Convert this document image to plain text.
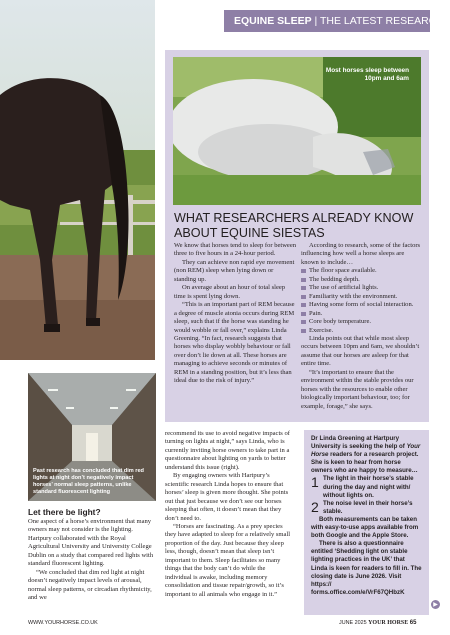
EQUINE SLEEP | THE LATEST RESEARCH
Most horses sleep between 10pm and 6am
WHAT RESEARCHERS ALREADY KNOW ABOUT EQUINE SIESTAS

We know that horses tend to sleep for between three to five hours in a 24-hour period.

They can achieve non rapid eye movement (non REM) sleep when lying down or standing up.

On average about an hour of total sleep time is spent lying down.

“This is an important part of REM because a degree of muscle atonia occurs during REM sleep, such that if the horse was standing he would wobble or fall over,” explains Linda Greening. “In fact, research suggests that horses who display wobbly behaviour or fall over don’t lie down at all. These horses are managing to achieve seconds or minutes of REM in a standing position, but it’s less than ideal due to the risk of injury.”

According to research, some of the factors influencing how well a horse sleeps are known to include…

The floor space available.
The bedding depth.
The use of artificial lights.
Familiarity with the environment.
Having some form of social interaction.
Pain.
Core body temperature.
Exercise.

Linda points out that while most sleep occurs between 10pm and 6am, we shouldn’t assume that our horses are asleep for that entire time.

“It’s important to ensure that the environment within the stable provides our horses with the resources to enable other biologically important behaviour, too; for example, forage,” she says.

Past research has concluded that dim red lights at night don’t negatively impact horses’ normal sleep patterns, unlike standard fluorescent lighting
Let there be light?

One aspect of a horse’s environment that many owners may not consider is the lighting. Hartpury collaborated with the Royal Agricultural University and University College Dublin on a study that compared red lights with standard fluorescent lighting.

“We concluded that dim red light at night doesn’t negatively impact levels of arousal, normal sleep patterns, or circadian rhythmicity, and we

recommend its use to avoid negative impacts of turning on lights at night,” says Linda, who is currently inviting horse owners to take part in a questionnaire about lighting on yards to better understand this issue (right).

By engaging owners with Hartpury’s scientific research Linda hopes to ensure that horses’ sleep is given more thought. She points out that just because we don’t see our horses sleeping that often, it doesn’t mean that they don’t need to.

“Horses are fascinating. As a prey species they have adapted to sleep for a relatively small proportion of the day. Just because they sleep less, though, doesn’t mean that sleep isn’t important to them. Sleep facilitates so many things that the body can’t do while the individual is awake, including memory consolidation and tissue repair/growth, so it’s important to all animals who engage in it.”

Dr Linda Greening at Hartpury University is seeking the help of Your Horse readers for a research project. She is keen to hear from horse owners who are happy to measure…

1 The light in their horse’s stable during the day and night with/ without lights on.
2 The noise level in their horse’s stable.

Both measurements can be taken with easy-to-use apps available from both Google and the Apple Store.

There is also a questionnaire entitled ‘Shedding light on stable lighting practices in the UK’ that Linda is keen for readers to fill in. The closing date is June 2026. Visit https:// forms.office.com/e/VrF67QHbzK

▶
WWW.YOURHORSE.CO.UK	JUNE 2025 YOUR HORSE 65
